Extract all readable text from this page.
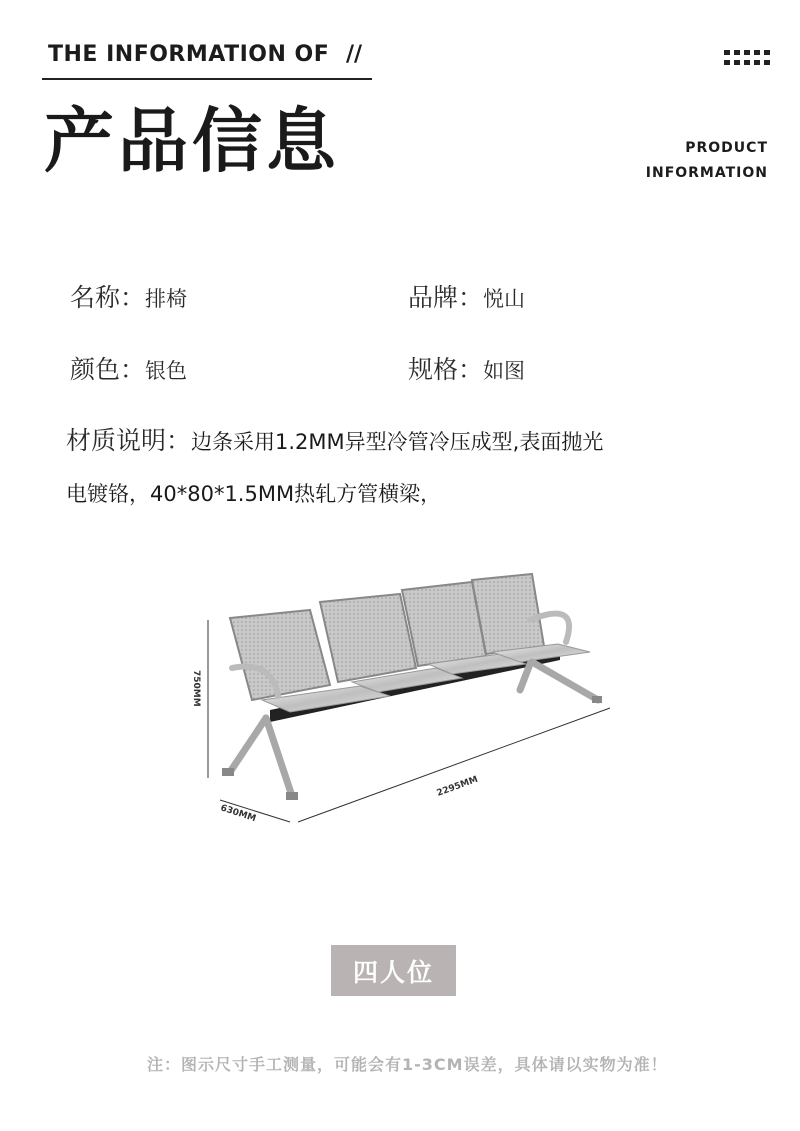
THE INFORMATION OF //
产品信息	PRODUCT
INFORMATION
名称：排椅	品牌：悦山
颜色：银色	规格：如图
材质说明：边条采用1.2MM异型冷管冷压成型,表面抛光
电镀铬，40*80*1.5MM热轧方管横梁，
750MM
630MM
2295MM
四人位
注：图示尺寸手工测量，可能会有1-3CM误差，具体请以实物为准！
